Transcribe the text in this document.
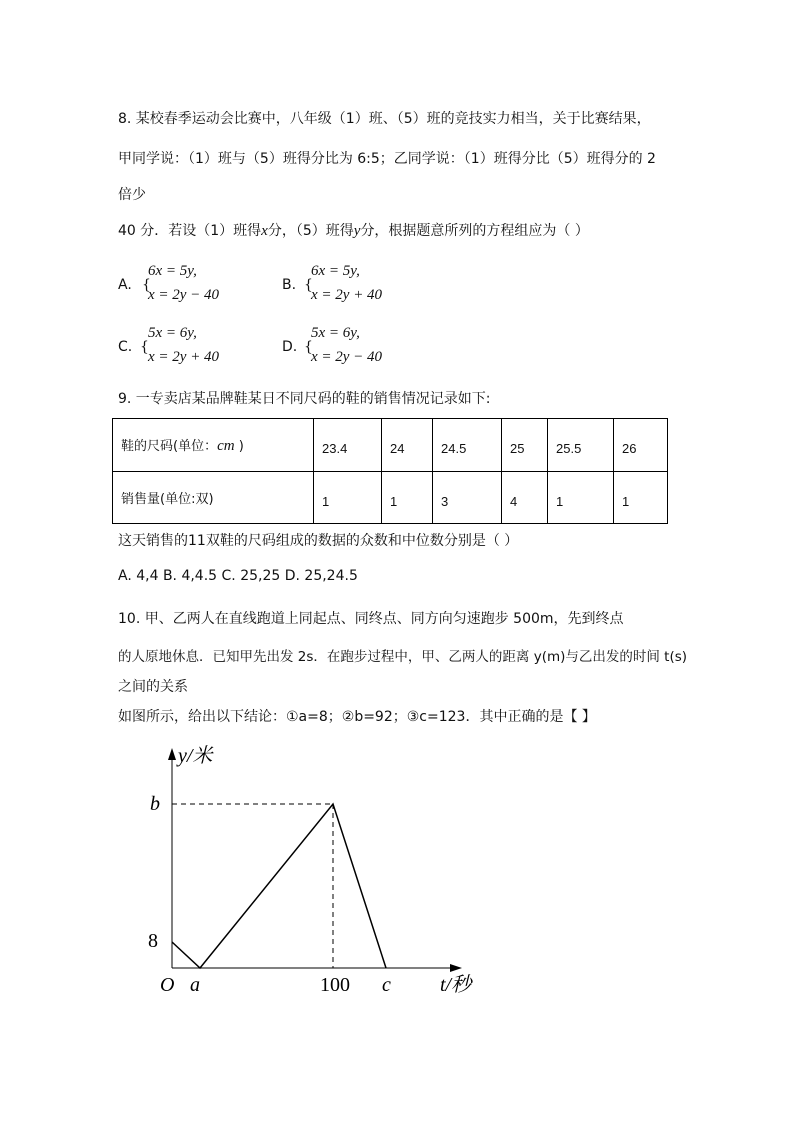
8. 某校春季运动会比赛中，八年级（1）班、（5）班的竞技实力相当，关于比赛结果，
甲同学说：（1）班与（5）班得分比为 6:5；乙同学说：（1）班得分比（5）班得分的 2
倍少
40 分．若设（1）班得x分，（5）班得y分，根据题意所列的方程组应为（ ）
A. {
6x = 5y,
x = 2y − 40
B. {
6x = 5y,
x = 2y + 40
C. {
5x = 6y,
x = 2y + 40
D. {
5x = 6y,
x = 2y − 40
9. 一专卖店某品牌鞋某日不同尺码的鞋的销售情况记录如下:
鞋的尺码(单位：cm )	23.4	24	24.5	25	25.5	26
销售量(单位:双)	1	1	3	4	1	1
这天销售的11双鞋的尺码组成的数据的众数和中位数分别是（ ）
A. 4,4 B. 4,4.5 C. 25,25 D. 25,24.5
10. 甲、乙两人在直线跑道上同起点、同终点、同方向匀速跑步 500m，先到终点
的人原地休息．已知甲先出发 2s．在跑步过程中，甲、乙两人的距离 y(m)与乙出发的时间 t(s)
之间的关系
如图所示，给出以下结论：①a=8；②b=92；③c=123．其中正确的是【 】
y/米
b
8
O a	100 c t/秒
